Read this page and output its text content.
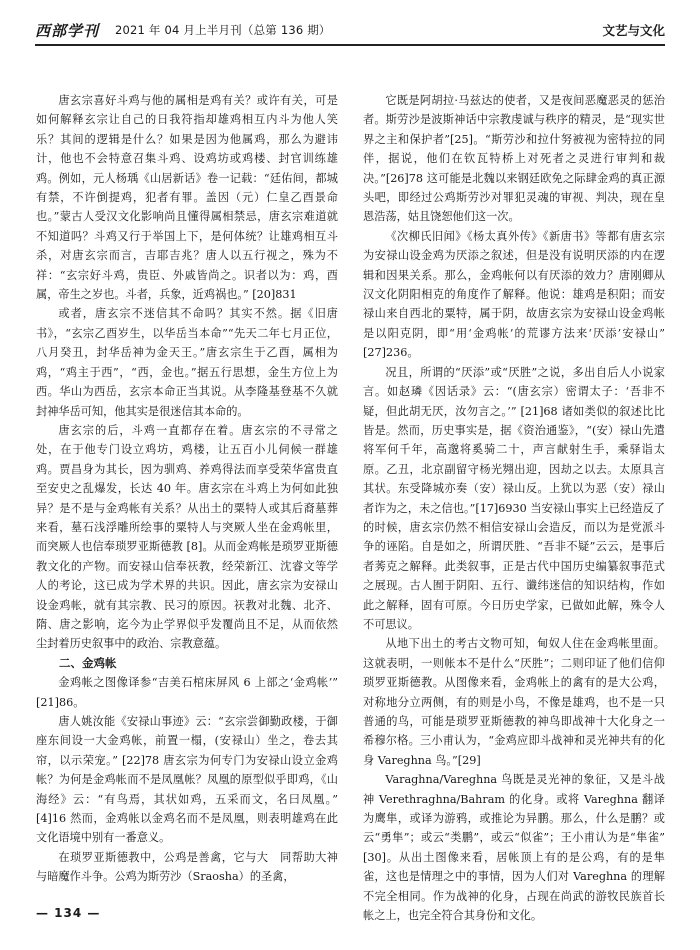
西部学刊 2021 年 04 月上半月刊（总第 136 期）	文艺与文化

唐玄宗喜好斗鸡与他的属相是鸡有关？或许有关，可是如何解释玄宗让自己的日我符指却雄鸡相互内斗为他人笑乐？其间的逻辑是什么？如果是因为他属鸡，那么为避讳计，他也不会特意召集斗鸡、设鸡坊或鸡楼、封官训练雄鸡。例如，元人杨瑀《山居新话》卷一记载：“廷佑间，都城有禁，不许倒提鸡，犯者有罪。盖因（元）仁皇乙酉景命也。”蒙古人受汉文化影响尚且懂得属相禁忌，唐玄宗难道就不知道吗？斗鸡又行于举国上下，是何体统？让雄鸡相互斗杀，对唐玄宗而言，吉耶吉兆？唐人以五行视之，殊为不祥：“玄宗好斗鸡，贵臣、外戚皆尚之。识者以为：鸡，酉属，帝生之岁也。斗者，兵象，近鸡祸也。” [20]831

或者，唐玄宗不迷信其不命吗？其实不然。据《旧唐书》，“玄宗乙酉岁生，以华岳当本命”“先天二年七月正位，八月癸丑，封华岳神为金天王。”唐玄宗生于乙酉，属相为鸡，“鸡主于西”，“西，金也。”据五行思想，金生方位上为西。华山为西岳，玄宗本命正当其说。从李隆基登基不久就封神华岳可知，他其实是很迷信其本命的。

唐玄宗的后，斗鸡一直都存在着。唐玄宗的不寻常之处，在于他专门设立鸡坊，鸡楼，让五百小儿伺候一群雄鸡。贾昌身为其长，因为驯鸡、养鸡得法而享受荣华富贵直至安史之乱爆发，长达 40 年。唐玄宗在斗鸡上为何如此独异？是不是与金鸡帐有关系？从出土的粟特人或其后裔墓葬来看，墓石浅浮雕所绘事的粟特人与突厥人坐在金鸡帐里，而突厥人也信奉琐罗亚斯德教 [8]。从而金鸡帐是琐罗亚斯德教文化的产物。而安禄山信奉祆教，经荣新江、沈睿文等学人的考论，这已成为学术界的共识。因此，唐玄宗为安禄山设金鸡帐，就有其宗教、民习的原因。祆教对北魏、北齐、隋、唐之影响，迄今为止学界似乎发覆尚且不足，从而依然尘封着历史叙事中的政治、宗教意蕴。

二、金鸡帐

金鸡帐之图像译参“吉美石棺床屏风 6 上部之‘金鸡帐’” [21]86。

唐人姚汝能《安禄山事迹》云：“玄宗尝御勤政楼，于御座东间设一大金鸡帐，前置一榻，(安禄山）坐之，卷去其帘，以示荣宠。” [22]78 唐玄宗为何专门为安禄山设立金鸡帐？为何是金鸡帐而不是凤凰帐？凤凰的原型似乎即鸡，《山海经》云：“有鸟焉，其状如鸡，五采而文，名曰凤凰。” [4]16 然而，金鸡帐以金鸡名而不是凤凰，则表明雄鸡在此文化语境中别有一番意义。

在琐罗亚斯德教中，公鸡是善禽，它与大　同帮助大神与暗魔作斗争。公鸡为斯劳沙（Sraosha）的圣禽，

它既是阿胡拉·马兹达的使者，又是夜间恶魔恶灵的惩治者。斯劳沙是波斯神话中宗教虔诚与秩序的精灵，是“现实世界之主和保护者”[25]。“斯劳沙和拉什努被视为密特拉的同伴，据说，他们在钦瓦特桥上对死者之灵进行审判和裁决。”[26]78 这可能是北魏以来钢廷欧免之际肆金鸡的真正源头吧，即经过公鸡斯劳沙对罪犯灵魂的审视、判决，现在皇恩浩荡，姑且饶恕他们这一次。

《次柳氏旧闻》《杨太真外传》《新唐书》等都有唐玄宗为安禄山设金鸡为厌添之叙述，但是没有说明厌添的内在逻辑和因果关系。那么，金鸡帐何以有厌添的效力？唐刚卿从汉文化阴阳相克的角度作了解释。他说：雄鸡是积阳；而安禄山来自西北的粟特，属于阴，故唐玄宗为安禄山设金鸡帐是以阳克阴，即“用‘金鸡帐’的荒谬方法来‘厌添’安禄山” [27]236。

况且，所谓的“厌添”或“厌胜”之说，多出自后人小说家言。如赵璘《因话录》云：“(唐玄宗）密谓太子：‘吾非不疑，但此胡无厌，汝勿言之。’” [21]68 诸如类似的叙述比比皆是。然而，历史事实是，据《资治通鉴》，“(安）禄山先遣将军何千年，高邈将奚骑二十，声言献射生手，乘驿诣太原。乙丑，北京副留守杨光翙出迎，因劫之以去。太原具言其状。东受降城亦奏（安）禄山反。上犹以为恶（安）禄山者诈为之，未之信也。”[17]6930 当安禄山事实上已经造反了的时候，唐玄宗仍然不相信安禄山会造反，而以为是党派斗争的诬陷。自是如之，所谓厌胜、“吾非不疑”云云，是事后者莠克之解释。此类叙事，正是古代中国历史编纂叙事范式之展现。古人囿于阴阳、五行、谶纬迷信的知识结构，作如此之解释，固有可原。今日历史学家，已做如此解，殊令人不可思议。

从地下出土的考古文物可知，甸奴人住在金鸡帐里面。这就表明，一则帐本不是什么“厌胜”；二则印证了他们信仰琐罗亚斯德教。从图像来看，金鸡帐上的禽有的是大公鸡，对称地分立两侧，有的则是小鸟，不像是雄鸡，也不是一只普通的鸟，可能是琐罗亚斯德教的神鸟即战神十大化身之一希穆尔格。三小甫认为，“金鸡应即斗战神和灵光神共有的化身 Vareghna 鸟。”[29]

Varaghna/Vareghna 鸟既是灵光神的象征，又是斗战神 Verethraghna/Bahram 的化身。或将 Vareghna 翻译为鹰隼，或译为游鸦，或推论为异鹏。那么，什么是鹏？或云“勇隼”；或云“类鹏”，或云“似雀”；王小甫认为是“隼雀” [30]。从出土图像来看，居帐顶上有的是公鸡，有的是隼雀，这也是情理之中的事情，因为人们对 Vareghna 的理解不完全相同。作为战神的化身，占现在尚武的游牧民族首长帐之上，也完全符合其身份和文化。

— 134 —
